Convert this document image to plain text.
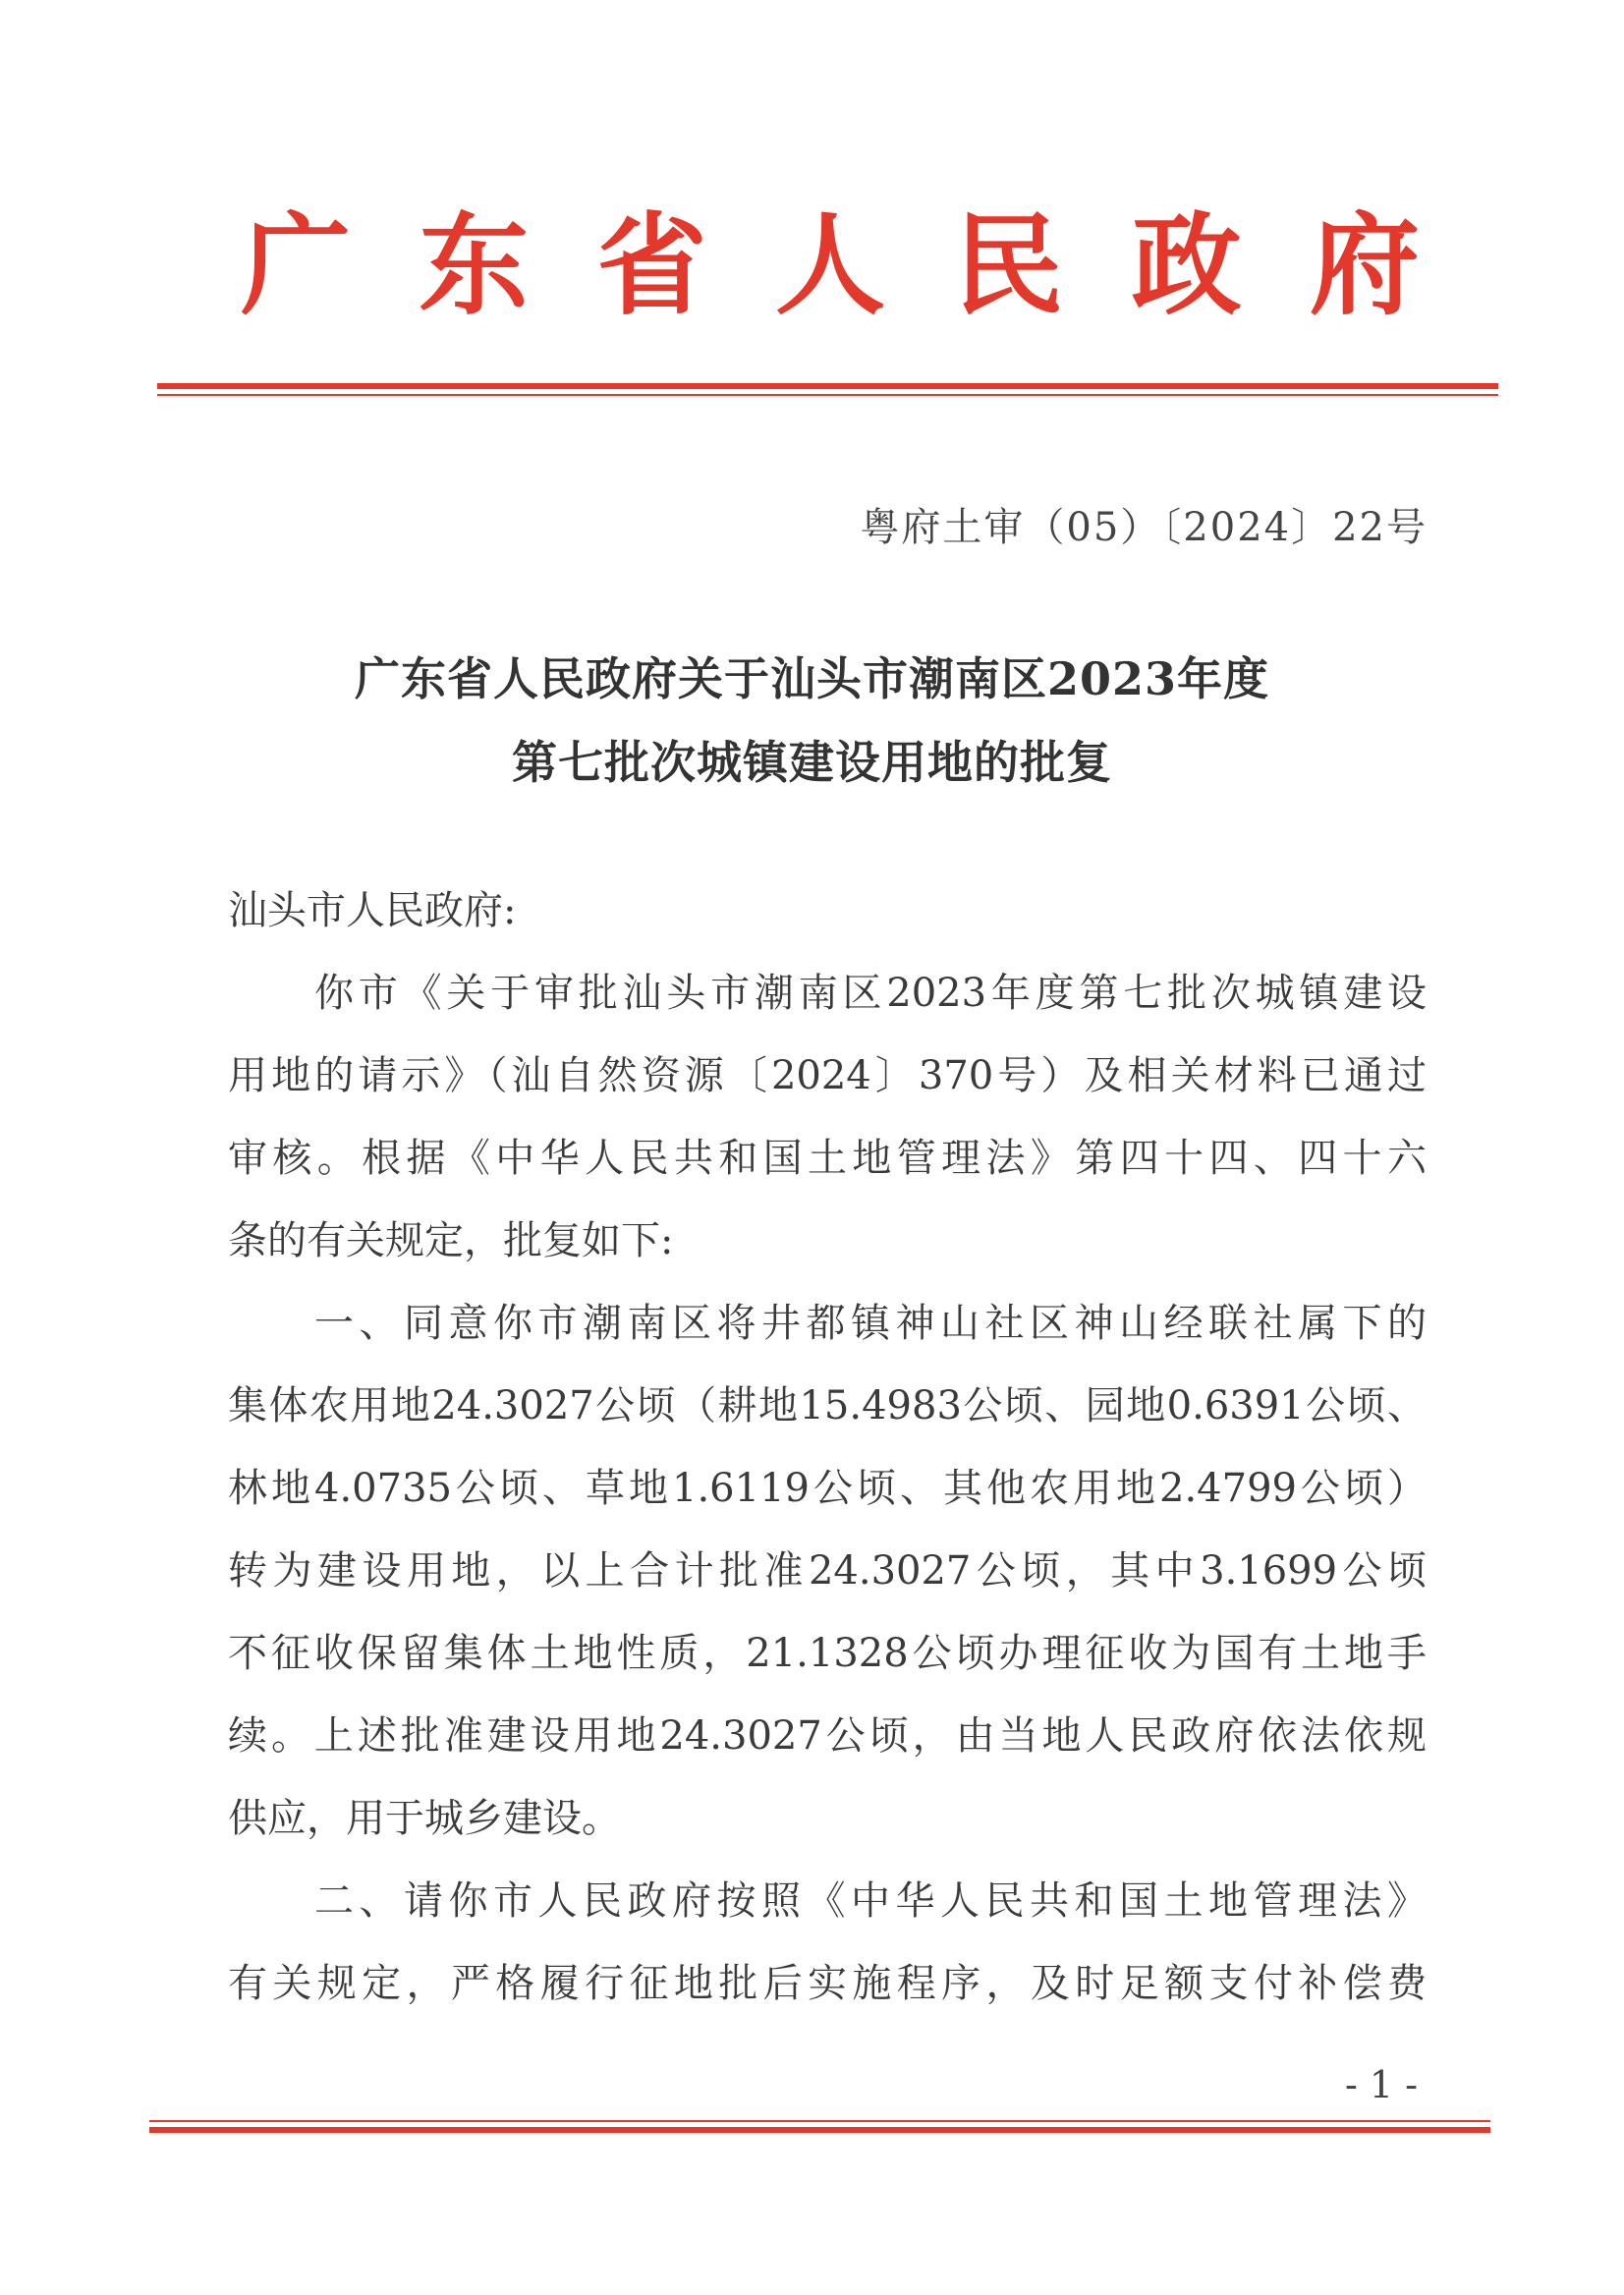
广 东 省 人 民 政 府
粤府土审（05）〔2024〕22号
广东省人民政府关于汕头市潮南区2023年度
第七批次城镇建设用地的批复
汕头市人民政府:
你市《关于审批汕头市潮南区2023年度第七批次城镇建设
用地的请示》（汕自然资源〔2024〕370号）及相关材料已通过
审核。根据《中华人民共和国土地管理法》第四十四、四十六
条的有关规定，批复如下:
一、同意你市潮南区将井都镇神山社区神山经联社属下的
集体农用地24.3027公顷（耕地15.4983公顷、园地0.6391公顷、
林地4.0735公顷、草地1.6119公顷、其他农用地2.4799公顷）
转为建设用地，以上合计批准24.3027公顷，其中3.1699公顷
不征收保留集体土地性质，21.1328公顷办理征收为国有土地手
续。上述批准建设用地24.3027公顷，由当地人民政府依法依规
供应，用于城乡建设。
二、请你市人民政府按照《中华人民共和国土地管理法》
有关规定，严格履行征地批后实施程序，及时足额支付补偿费
- 1 -
